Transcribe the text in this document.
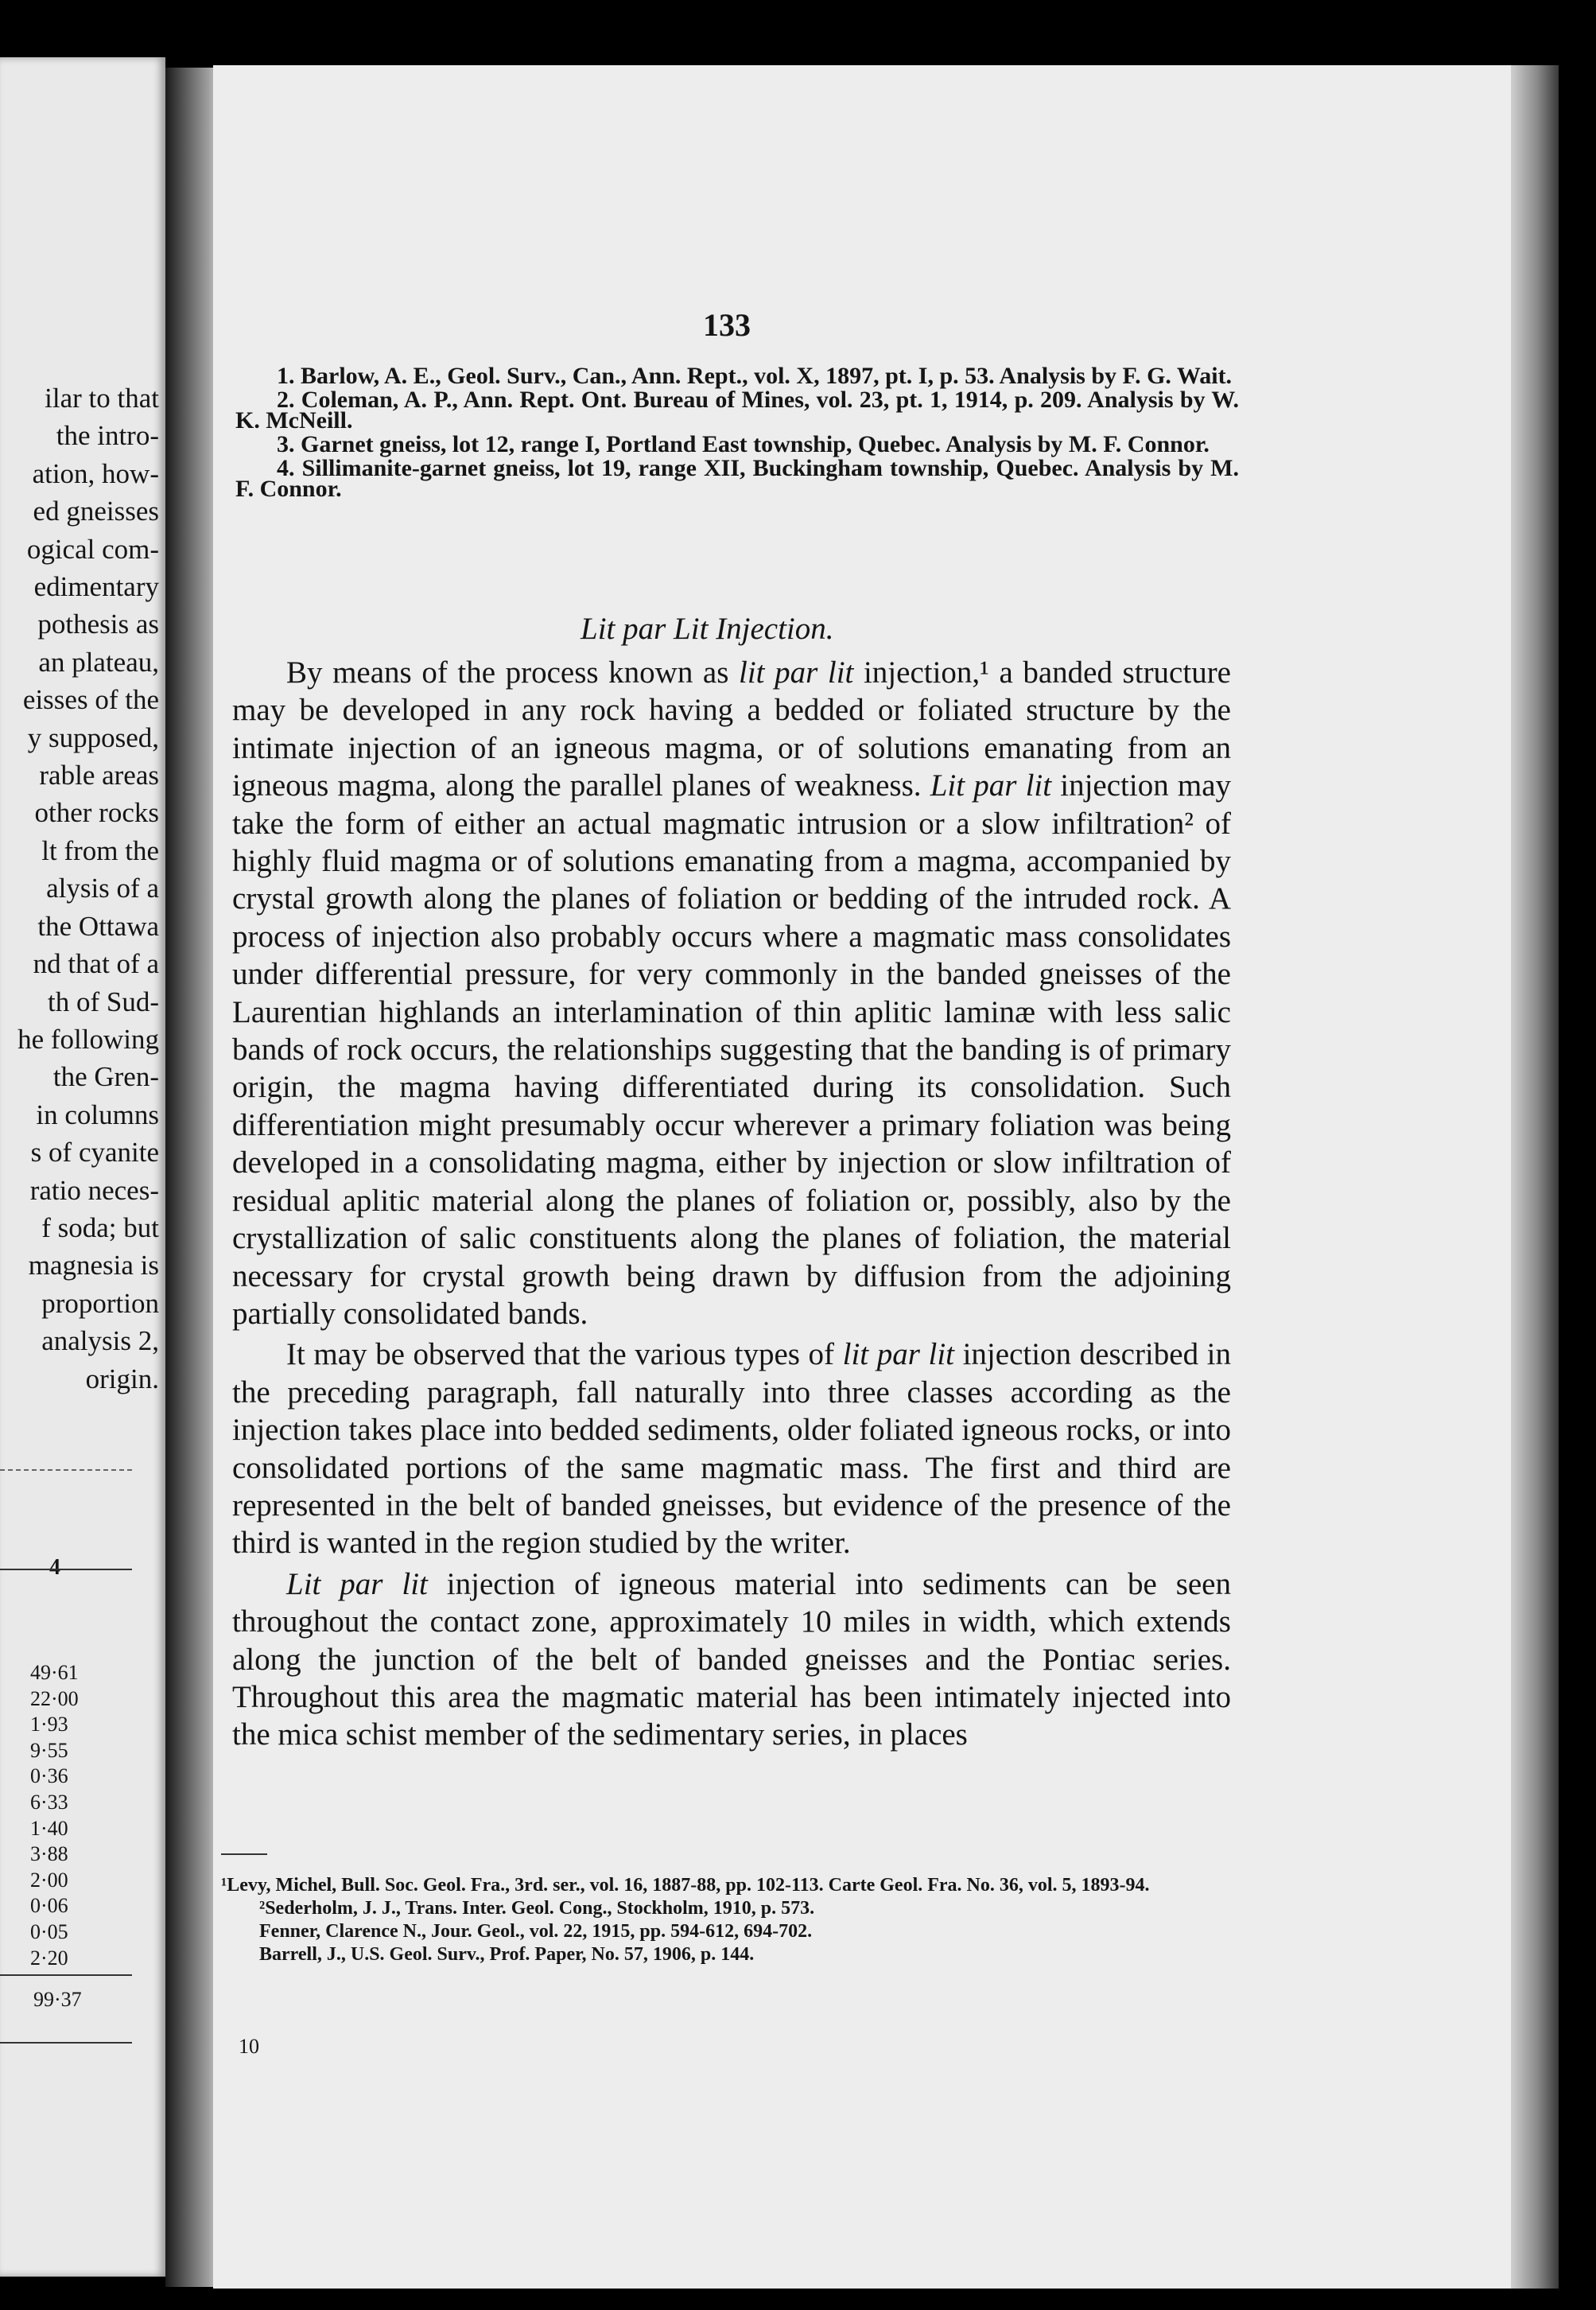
ilar to that
the intro-
ation, how-
ed gneisses
ogical com-
edimentary
pothesis as
an plateau,
eisses of the
y supposed,
rable areas
other rocks
lt from the
alysis of a
the Ottawa
nd that of a
th of Sud-
he following
the Gren-
in columns
s of cyanite
ratio neces-
f soda; but
magnesia is
proportion
analysis 2,
origin.
4
49·61
22·00
1·93
9·55
0·36
6·33
1·40
3·88
2·00
0·06
0·05
2·20
99·37
133

1. Barlow, A. E., Geol. Surv., Can., Ann. Rept., vol. X, 1897, pt. I, p. 53. Analysis by F. G. Wait.

2. Coleman, A. P., Ann. Rept. Ont. Bureau of Mines, vol. 23, pt. 1, 1914, p. 209. Analysis by W. K. McNeill.

3. Garnet gneiss, lot 12, range I, Portland East township, Quebec. Analysis by M. F. Connor.

4. Sillimanite-garnet gneiss, lot 19, range XII, Buckingham township, Quebec. Analysis by M. F. Connor.

Lit par Lit Injection.

By means of the process known as lit par lit injection,¹ a banded structure may be developed in any rock having a bedded or foliated structure by the intimate injection of an igneous magma, or of solutions emanating from an igneous magma, along the parallel planes of weakness. Lit par lit injection may take the form of either an actual magmatic intrusion or a slow infiltration² of highly fluid magma or of solutions emanating from a magma, accompanied by crystal growth along the planes of foliation or bedding of the intruded rock. A process of injection also probably occurs where a magmatic mass consolidates under differential pressure, for very commonly in the banded gneisses of the Laurentian highlands an interlamination of thin aplitic laminæ with less salic bands of rock occurs, the relationships suggesting that the banding is of primary origin, the magma having differentiated during its consolidation. Such differentiation might presumably occur wherever a primary foliation was being developed in a consolidating magma, either by injection or slow infiltration of residual aplitic material along the planes of foliation or, possibly, also by the crystallization of salic constituents along the planes of foliation, the material necessary for crystal growth being drawn by diffusion from the adjoining partially consolidated bands.

It may be observed that the various types of lit par lit injection described in the preceding paragraph, fall naturally into three classes according as the injection takes place into bedded sediments, older foliated igneous rocks, or into consolidated portions of the same magmatic mass. The first and third are represented in the belt of banded gneisses, but evidence of the presence of the third is wanted in the region studied by the writer.

Lit par lit injection of igneous material into sediments can be seen throughout the contact zone, approximately 10 miles in width, which extends along the junction of the belt of banded gneisses and the Pontiac series. Throughout this area the magmatic material has been intimately injected into the mica schist member of the sedimentary series, in places

¹Levy, Michel, Bull. Soc. Geol. Fra., 3rd. ser., vol. 16, 1887-88, pp. 102-113. Carte Geol. Fra. No. 36, vol. 5, 1893-94.

²Sederholm, J. J., Trans. Inter. Geol. Cong., Stockholm, 1910, p. 573.

Fenner, Clarence N., Jour. Geol., vol. 22, 1915, pp. 594-612, 694-702.

Barrell, J., U.S. Geol. Surv., Prof. Paper, No. 57, 1906, p. 144.

10
